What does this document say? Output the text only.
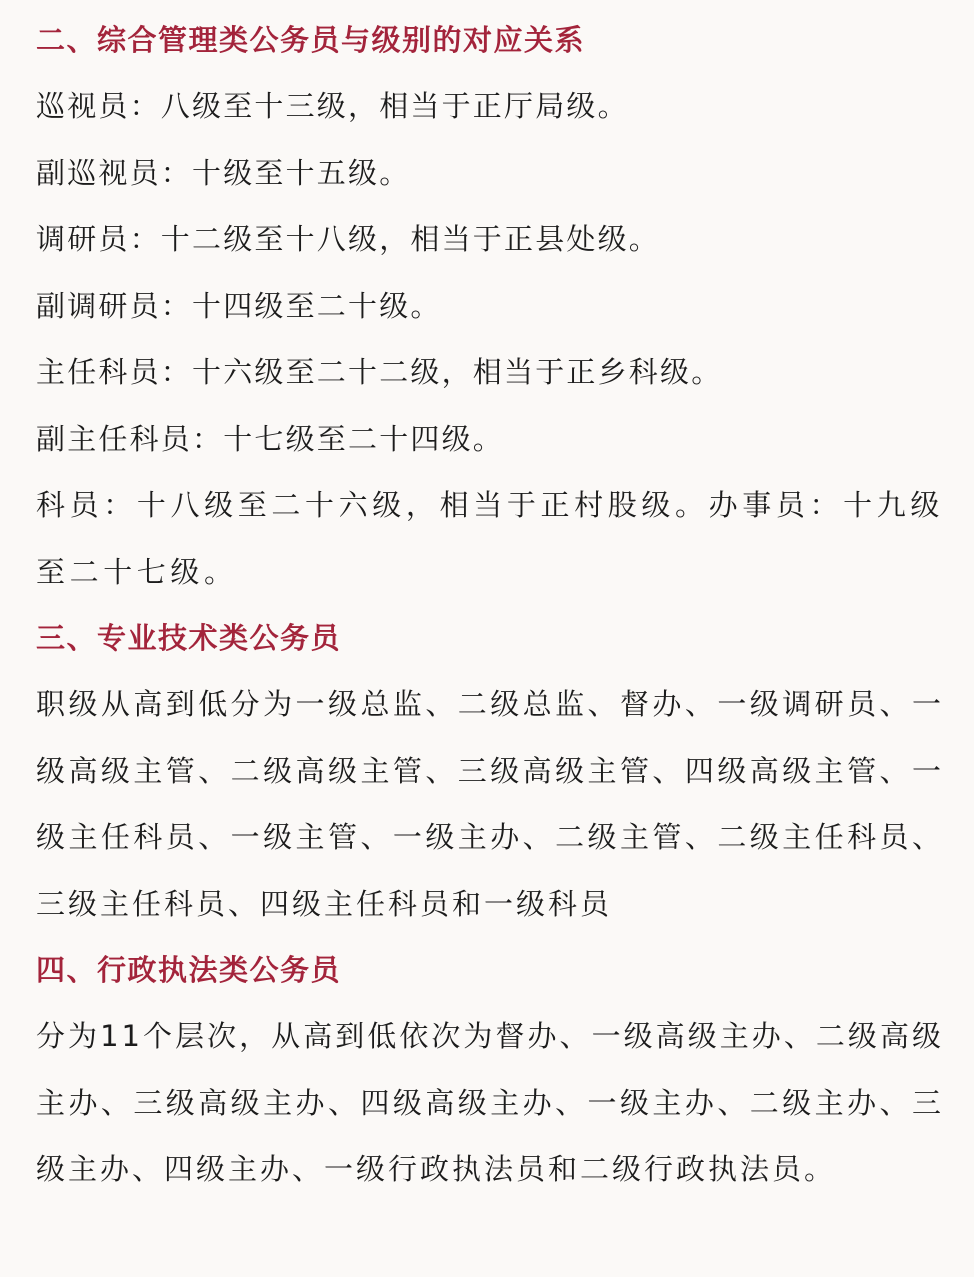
二、综合管理类公务员与级别的对应关系
巡视员：八级至十三级，相当于正厅局级。
副巡视员：十级至十五级。
调研员：十二级至十八级，相当于正县处级。
副调研员：十四级至二十级。
主任科员：十六级至二十二级，相当于正乡科级。
副主任科员：十七级至二十四级。
科员：十八级至二十六级，相当于正村股级。办事员：十九级至二十七级。
三、专业技术类公务员
职级从高到低分为一级总监、二级总监、督办、一级调研员、一级高级主管、二级高级主管、三级高级主管、四级高级主管、一级主任科员、一级主管、一级主办、二级主管、二级主任科员、三级主任科员、四级主任科员和一级科员
四、行政执法类公务员
分为11个层次，从高到低依次为督办、一级高级主办、二级高级主办、三级高级主办、四级高级主办、一级主办、二级主办、三级主办、四级主办、一级行政执法员和二级行政执法员。
